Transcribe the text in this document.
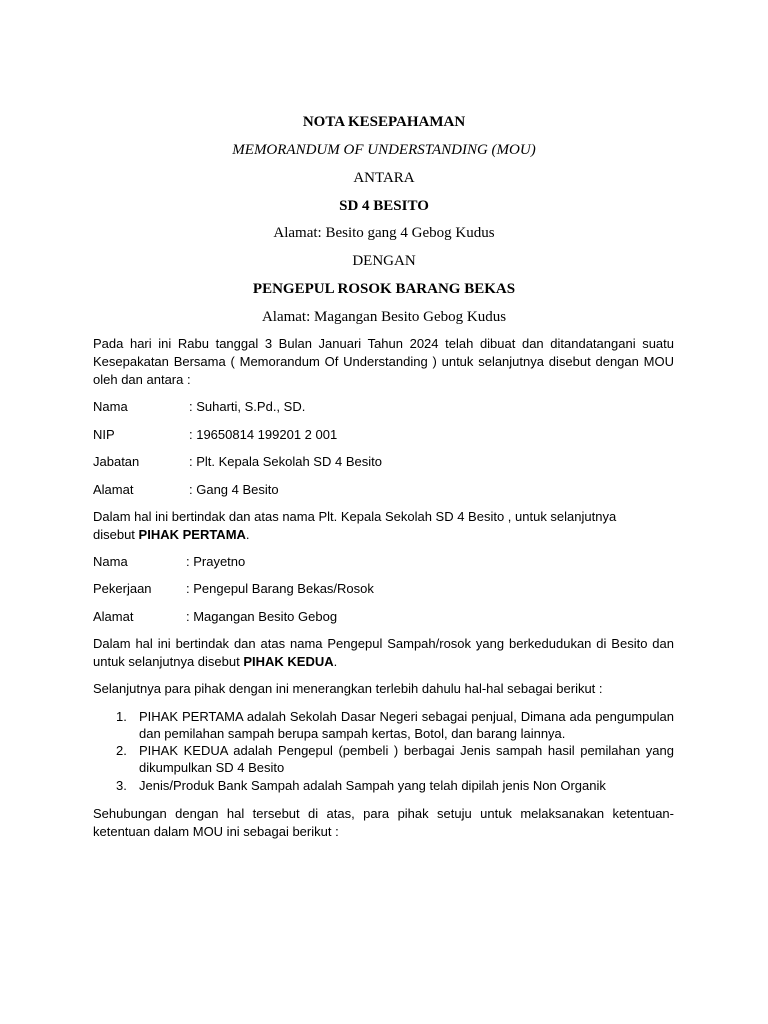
NOTA KESEPAHAMAN
MEMORANDUM OF UNDERSTANDING (MOU)
ANTARA
SD 4 BESITO
Alamat: Besito gang 4 Gebog Kudus
DENGAN
PENGEPUL ROSOK BARANG BEKAS
Alamat: Magangan Besito Gebog Kudus
Pada hari ini Rabu tanggal 3 Bulan Januari Tahun 2024 telah dibuat dan ditandatangani suatu
Kesepakatan Bersama ( Memorandum Of Understanding ) untuk selanjutnya disebut dengan MOU
oleh dan antara :
Nama	: Suharti, S.Pd., SD.
NIP	: 19650814 199201 2 001
Jabatan	: Plt. Kepala Sekolah SD 4 Besito
Alamat	: Gang 4 Besito
Dalam hal ini bertindak dan atas nama Plt. Kepala Sekolah SD 4 Besito , untuk selanjutnya
disebut PIHAK PERTAMA.
Nama	: Prayetno
Pekerjaan	: Pengepul Barang Bekas/Rosok
Alamat	: Magangan Besito Gebog
Dalam hal ini bertindak dan atas nama Pengepul Sampah/rosok yang berkedudukan di Besito dan
untuk selanjutnya disebut PIHAK KEDUA.
Selanjutnya para pihak dengan ini menerangkan terlebih dahulu hal-hal sebagai berikut :
1. PIHAK PERTAMA adalah Sekolah Dasar Negeri sebagai penjual, Dimana ada pengumpulan
dan pemilahan sampah berupa sampah kertas, Botol, dan barang lainnya.
2. PIHAK KEDUA adalah Pengepul (pembeli ) berbagai Jenis sampah hasil pemilahan yang
dikumpulkan SD 4 Besito
3. Jenis/Produk Bank Sampah adalah Sampah yang telah dipilah jenis Non Organik
Sehubungan dengan hal tersebut di atas, para pihak setuju untuk melaksanakan ketentuan-
ketentuan dalam MOU ini sebagai berikut :
